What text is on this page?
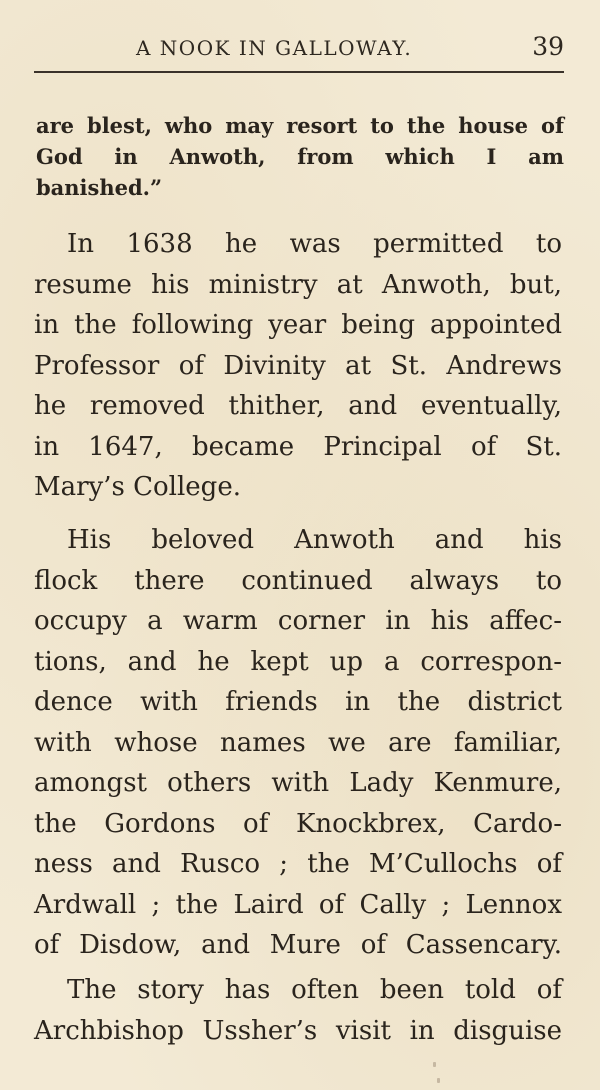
A NOOK IN GALLOWAY.	39
are blest, who may resort to the house of
God in Anwoth, from which I am
banished.”
In 1638 he was permitted to
resume his ministry at Anwoth, but,
in the following year being appointed
Professor of Divinity at St. Andrews
he removed thither, and eventually,
in 1647, became Principal of St.
Mary’s College.
His beloved Anwoth and his
flock there continued always to
occupy a warm corner in his affec-
tions, and he kept up a correspon-
dence with friends in the district
with whose names we are familiar,
amongst others with Lady Kenmure,
the Gordons of Knockbrex, Cardo-
ness and Rusco ; the M’Cullochs of
Ardwall ; the Laird of Cally ; Lennox
of Disdow, and Mure of Cassencary.
The story has often been told of
Archbishop Ussher’s visit in disguise
